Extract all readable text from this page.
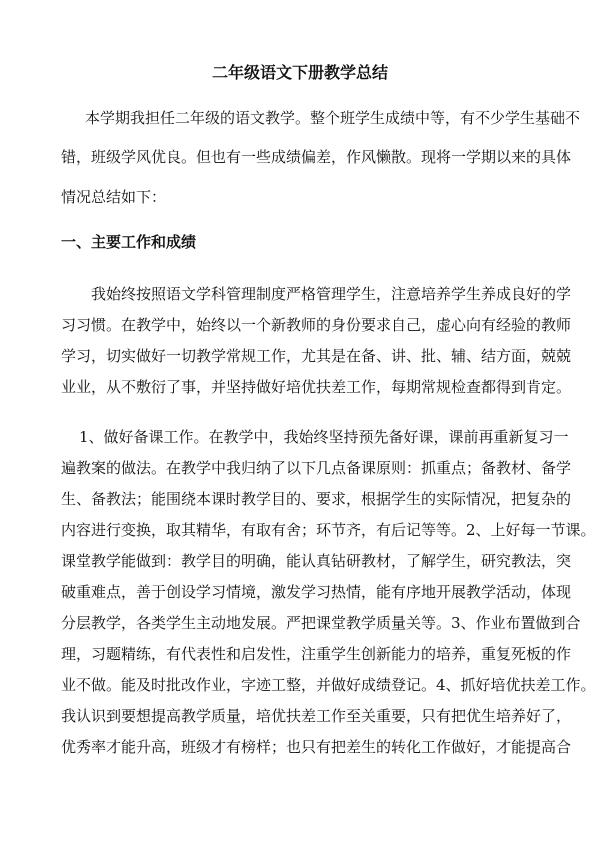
二年级语文下册教学总结

本学期我担任二年级的语文教学。整个班学生成绩中等，有不少学生基础不

错，班级学风优良。但也有一些成绩偏差，作风懒散。现将一学期以来的具体

情况总结如下：

一、主要工作和成绩

我始终按照语文学科管理制度严格管理学生，注意培养学生养成良好的学

习习惯。在教学中，始终以一个新教师的身份要求自己，虚心向有经验的教师

学习，切实做好一切教学常规工作，尤其是在备、讲、批、辅、结方面，兢兢

业业，从不敷衍了事，并坚持做好培优扶差工作，每期常规检查都得到肯定。

1、做好备课工作。在教学中，我始终坚持预先备好课，课前再重新复习一

遍教案的做法。在教学中我归纳了以下几点备课原则：抓重点；备教材、备学

生、备教法；能围绕本课时教学目的、要求，根据学生的实际情况，把复杂的

内容进行变换，取其精华，有取有舍；环节齐，有后记等等。2、上好每一节课。

课堂教学能做到：教学目的明确，能认真钻研教材，了解学生，研究教法，突

破重难点，善于创设学习情境，激发学习热情，能有序地开展教学活动，体现

分层教学，各类学生主动地发展。严把课堂教学质量关等。3、作业布置做到合

理，习题精练，有代表性和启发性，注重学生创新能力的培养，重复死板的作

业不做。能及时批改作业，字迹工整，并做好成绩登记。4、抓好培优扶差工作。

我认识到要想提高教学质量，培优扶差工作至关重要，只有把优生培养好了，

优秀率才能升高，班级才有榜样；也只有把差生的转化工作做好，才能提高合
